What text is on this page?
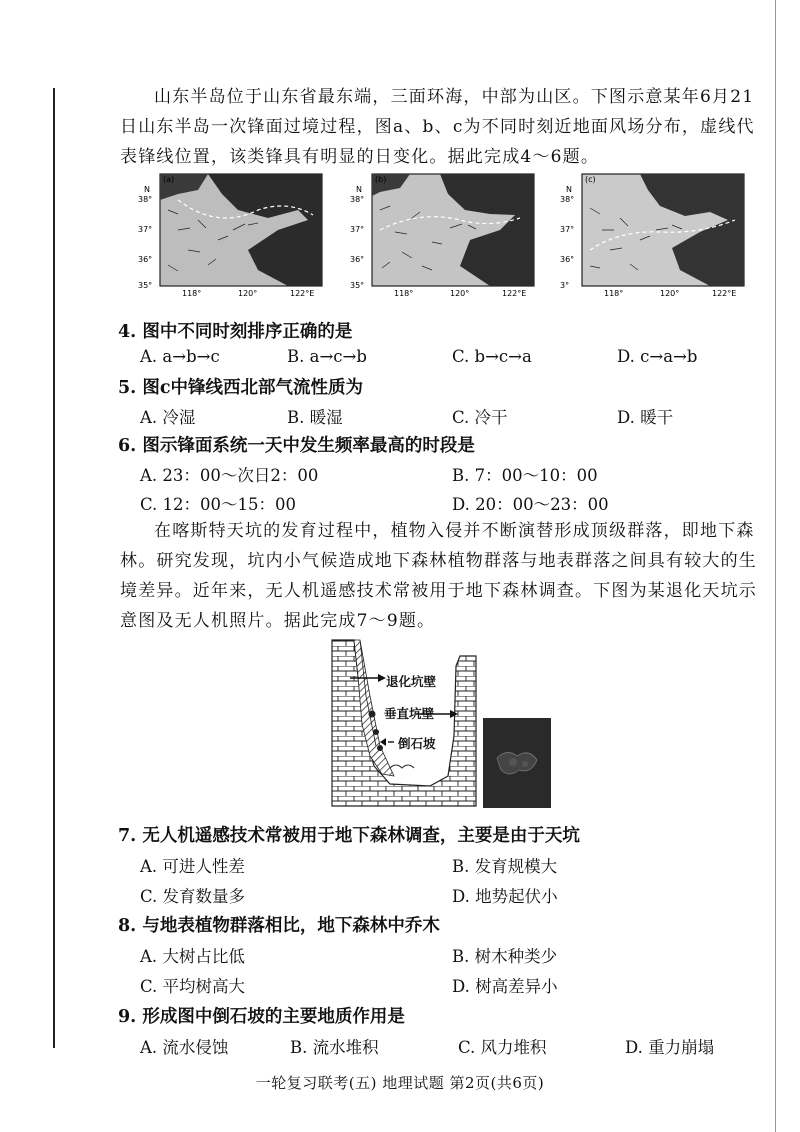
山东半岛位于山东省最东端，三面环海，中部为山区。下图示意某年6月21日山东半岛一次锋面过境过程，图a、b、c为不同时刻近地面风场分布，虚线代表锋线位置，该类锋具有明显的日变化。据此完成4～6题。

(a)
N
38°
37°
36°
35°
118°	120°	122°E
(b)
N
38°
37°
36°
35°
118°	120°	122°E
(c)
N
38°
37°
36°
3°
118°	120°	122°E

4. 图中不同时刻排序正确的是

A. a→b→c	B. a→c→b	C. b→c→a	D. c→a→b

5. 图c中锋线西北部气流性质为

A. 冷湿	B. 暖湿	C. 冷干	D. 暖干

6. 图示锋面系统一天中发生频率最高的时段是

A. 23：00～次日2：00	B. 7：00～10：00
C. 12：00～15：00	D. 20：00～23：00

在喀斯特天坑的发育过程中，植物入侵并不断演替形成顶级群落，即地下森林。研究发现，坑内小气候造成地下森林植物群落与地表群落之间具有较大的生境差异。近年来，无人机遥感技术常被用于地下森林调查。下图为某退化天坑示意图及无人机照片。据此完成7～9题。

退化坑壁
垂直坑壁
倒石坡

7. 无人机遥感技术常被用于地下森林调查，主要是由于天坑

A. 可进人性差	B. 发育规模大
C. 发育数量多	D. 地势起伏小

8. 与地表植物群落相比，地下森林中乔木

A. 大树占比低	B. 树木种类少
C. 平均树高大	D. 树高差异小

9. 形成图中倒石坡的主要地质作用是

A. 流水侵蚀	B. 流水堆积	C. 风力堆积	D. 重力崩塌
一轮复习联考(五) 地理试题 第2页(共6页)
